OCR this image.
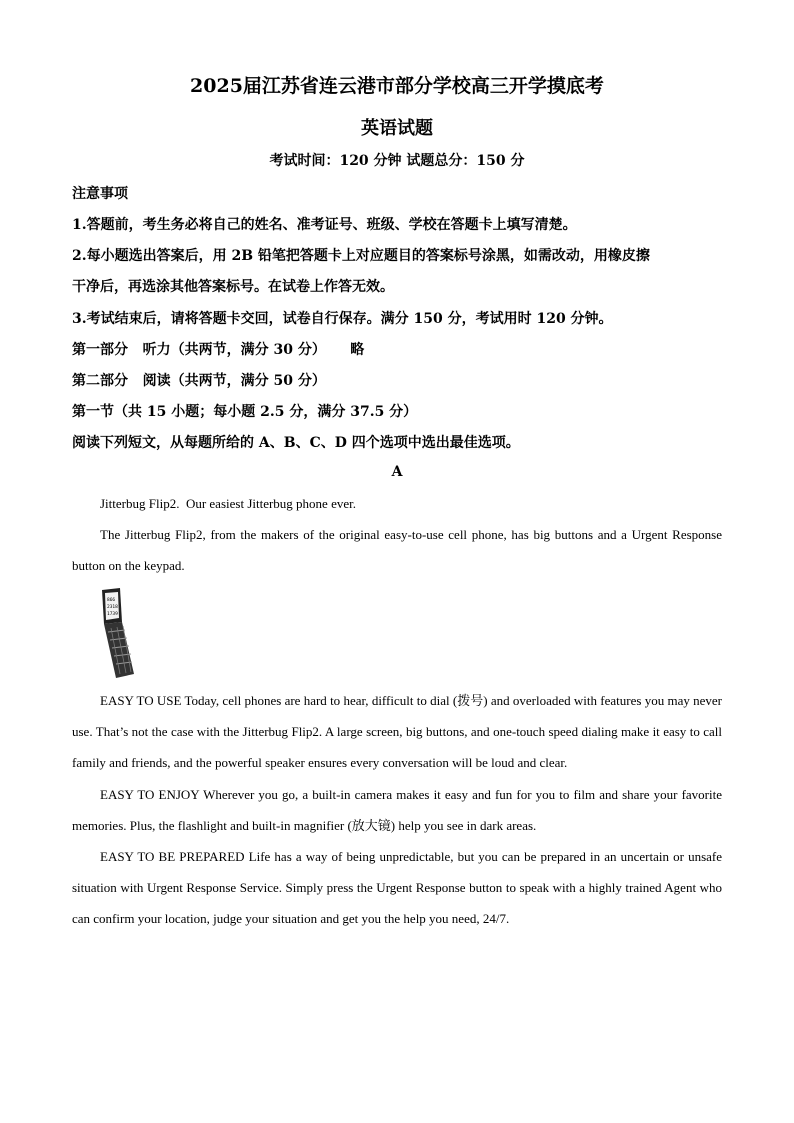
2025届江苏省连云港市部分学校高三开学摸底考
英语试题
考试时间：120 分钟 试题总分：150 分
注意事项
1.答题前，考生务必将自己的姓名、准考证号、班级、学校在答题卡上填写清楚。
2.每小题选出答案后，用 2B 铅笔把答题卡上对应题目的答案标号涂黑，如需改动，用橡皮擦
干净后，再选涂其他答案标号。在试卷上作答无效。
3.考试结束后，请将答题卡交回，试卷自行保存。满分 150 分，考试用时 120 分钟。
第一部分   听力（共两节，满分 30 分）     略
第二部分   阅读（共两节，满分 50 分）
第一节（共 15 小题；每小题 2.5 分，满分 37.5 分）
阅读下列短文，从每题所给的 A、B、C、D 四个选项中选出最佳选项。
A

Jitterbug Flip2.  Our easiest Jitterbug phone ever.

The Jitterbug Flip2, from the makers of the original easy-to-use cell phone, has big buttons and a Urgent Response button on the keypad.

866
2318
1739

EASY TO USE Today, cell phones are hard to hear, difficult to dial (拨号) and overloaded with features you may never use. That’s not the case with the Jitterbug Flip2. A large screen, big buttons, and one-touch speed dialing make it easy to call family and friends, and the powerful speaker ensures every conversation will be loud and clear.

EASY TO ENJOY Wherever you go, a built-in camera makes it easy and fun for you to film and share your favorite memories. Plus, the flashlight and built-in magnifier (放大镜) help you see in dark areas.

EASY TO BE PREPARED Life has a way of being unpredictable, but you can be prepared in an uncertain or unsafe situation with Urgent Response Service. Simply press the Urgent Response button to speak with a highly trained Agent who can confirm your location, judge your situation and get you the help you need, 24/7.
